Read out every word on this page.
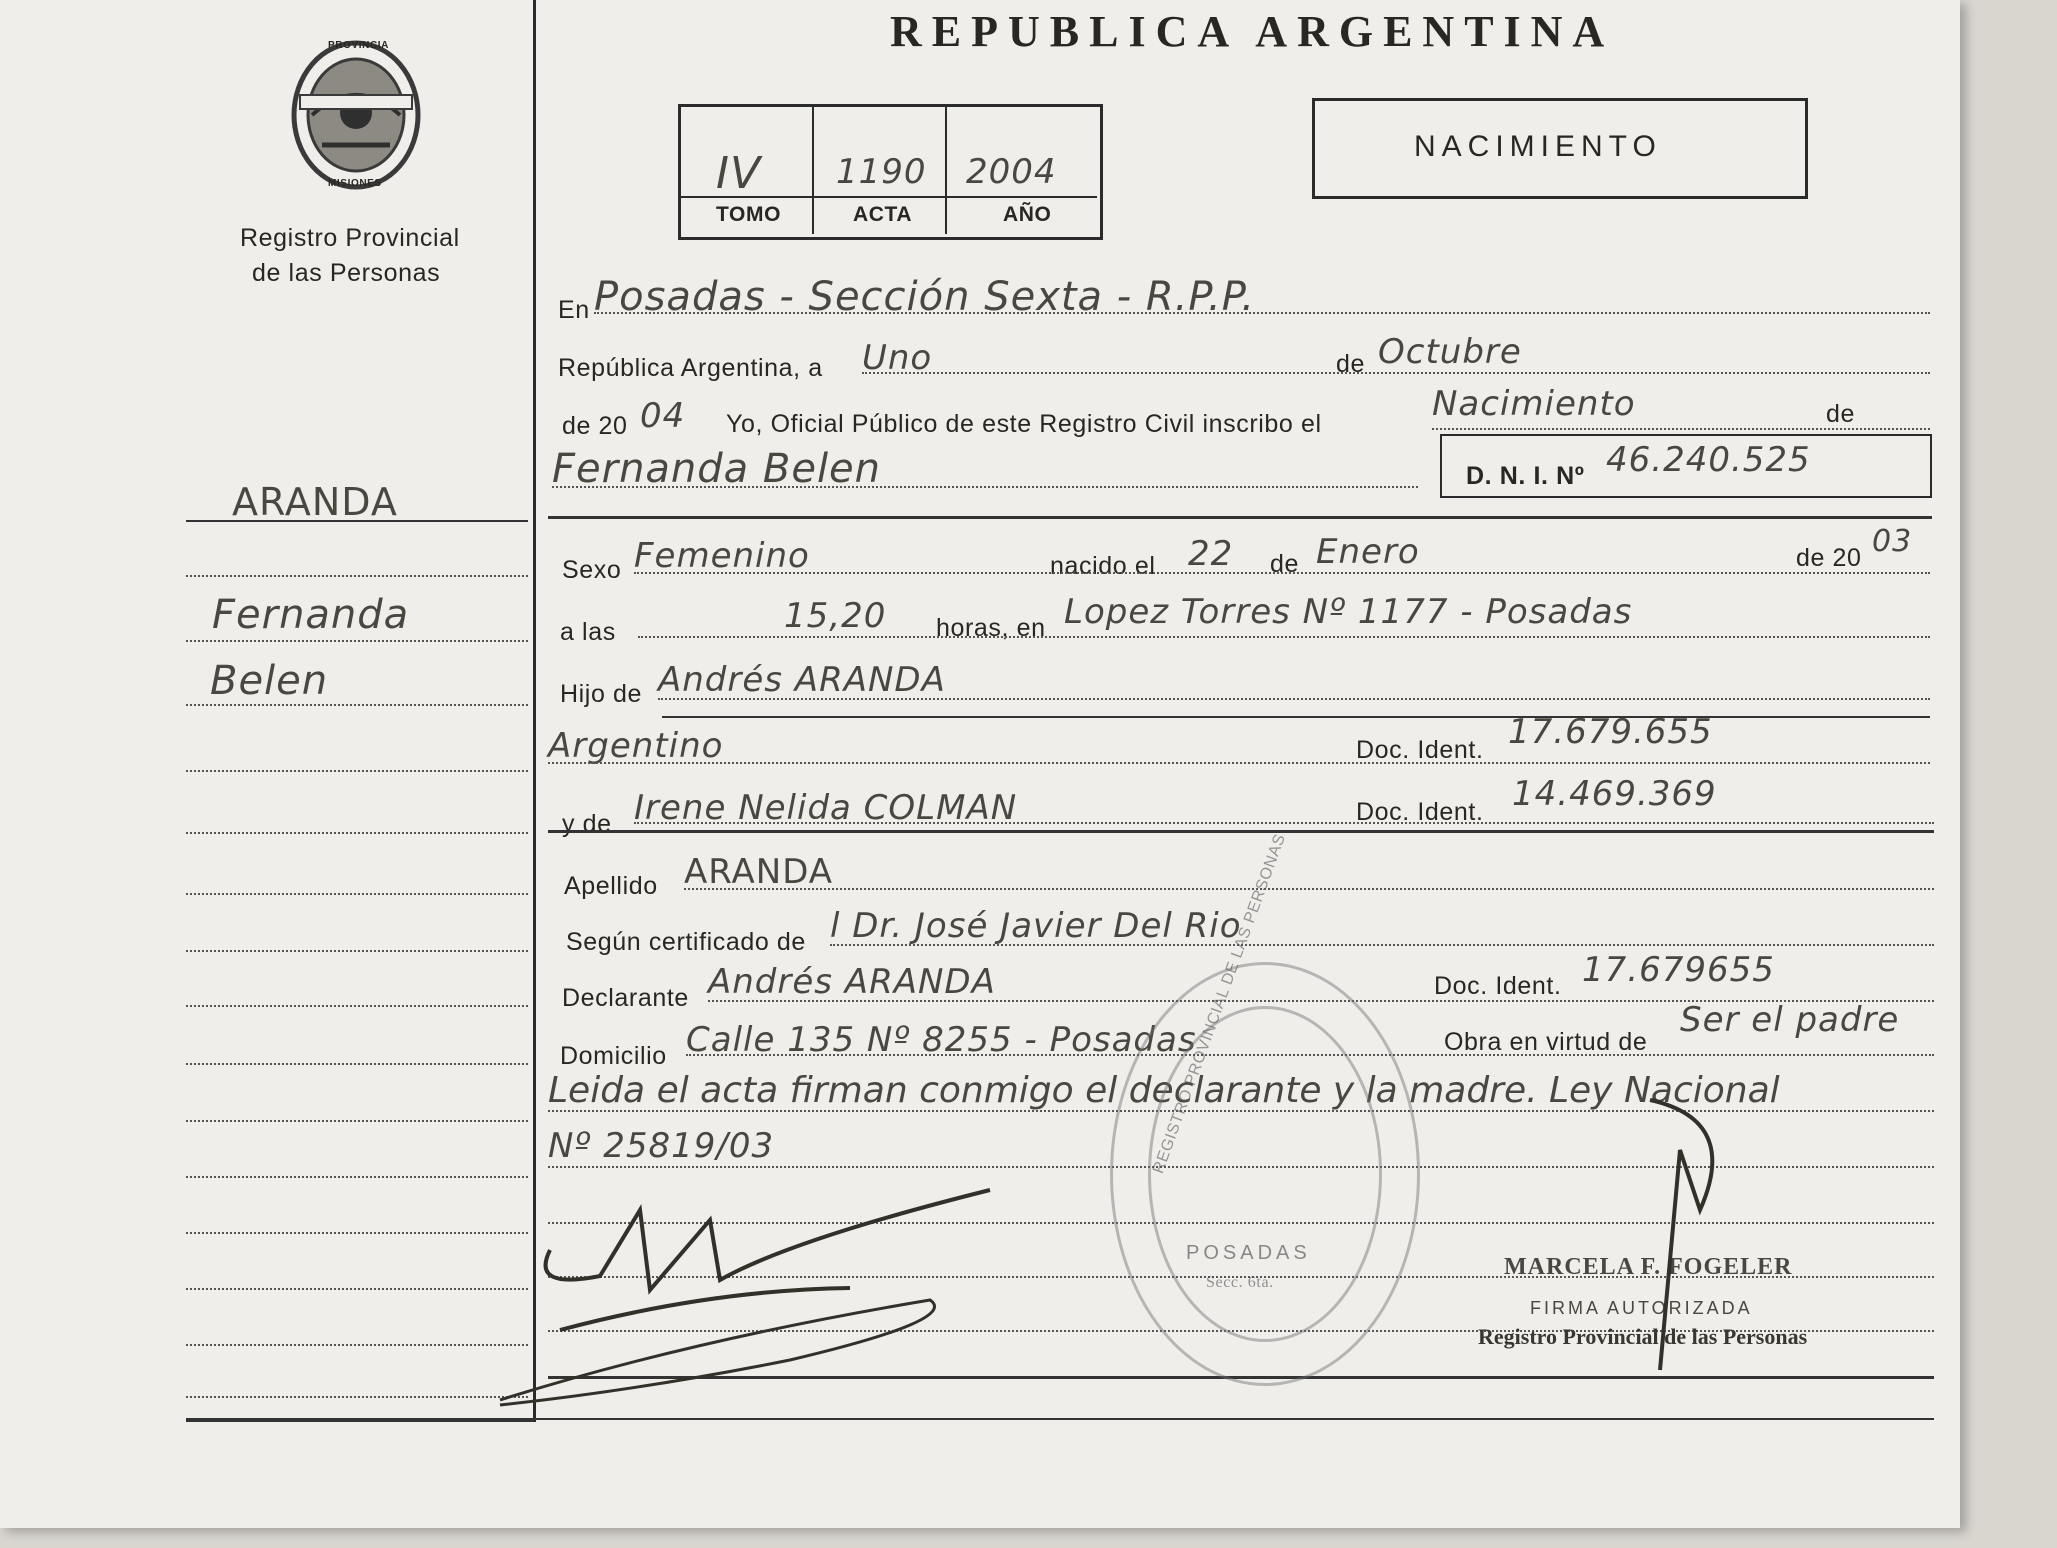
PROVINCIA
MISIONES
Registro Provincial
de las Personas
REPUBLICA ARGENTINA
IV 1190 2004
TOMO	ACTA	AÑO
NACIMIENTO
ARANDA
Fernanda
Belen
En Posadas - Sección Sexta - R.P.P.
República Argentina, a Uno	de Octubre
de 20 04 Yo, Oficial Público de este Registro Civil inscribo el	Nacimiento	de
Fernanda Belen	D. N. I. Nº 46.240.525
Sexo Femenino	nacido el 22 de Enero	de 20 03
a las	15,20 horas, en Lopez Torres Nº 1177 - Posadas
Hijo de Andrés ARANDA
Argentino	Doc. Ident. 17.679.655
y de Irene Nelida COLMAN	Doc. Ident. 14.469.369
Apellido ARANDA
Según certificado de l Dr. José Javier Del Rio
Declarante Andrés ARANDA	Doc. Ident. 17.679655
Domicilio Calle 135 Nº 8255 - Posadas	Obra en virtud de
Ser el padre
Leida el acta firman conmigo el declarante y la madre. Ley Nacional
Nº 25819/03	REGISTRO PROVINCIAL DE LAS PERSONAS
POSADAS
Secc. 6ta.
MARCELA F. FOGELER
FIRMA AUTORIZADA
Registro Provincial de las Personas
